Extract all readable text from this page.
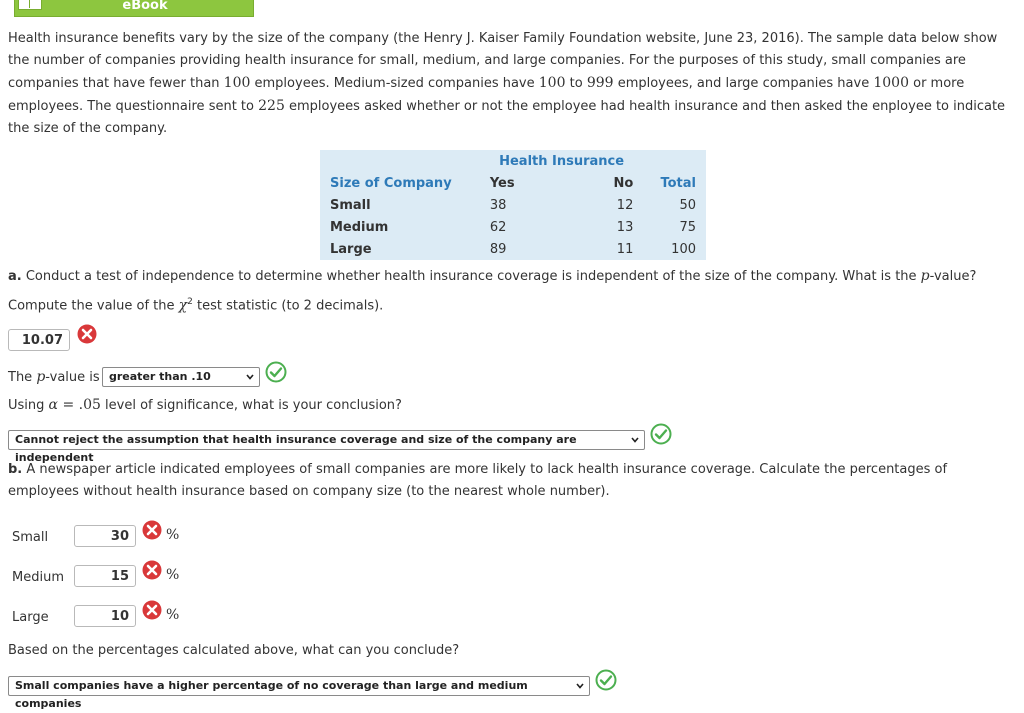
eBook
Health insurance benefits vary by the size of the company (the Henry J. Kaiser Family Foundation website, June 23, 2016). The sample data below show the number of companies providing health insurance for small, medium, and large companies. For the purposes of this study, small companies are companies that have fewer than 100 employees. Medium-sized companies have 100 to 999 employees, and large companies have 1000 or more employees. The questionnaire sent to 225 employees asked whether or not the employee had health insurance and then asked the enployee to indicate the size of the company.
	Health Insurance		
Size of Company	Yes	No	Total
Small	38	12	50
Medium	62	13	75
Large	89	11	100
a. Conduct a test of independence to determine whether health insurance coverage is independent of the size of the company. What is the p-value?
Compute the value of the $\chi^2$ test statistic (to 2 decimals).
10.07
The p-value is greater than .10
Using α = .05 level of significance, what is your conclusion?
Cannot reject the assumption that health insurance coverage and size of the company are independent
b. A newspaper article indicated employees of small companies are more likely to lack health insurance coverage. Calculate the percentages of employees without health insurance based on company size (to the nearest whole number).
Small	30	%
Medium	15	%
Large	10	%
Based on the percentages calculated above, what can you conclude?
Small companies have a higher percentage of no coverage than large and medium companies
